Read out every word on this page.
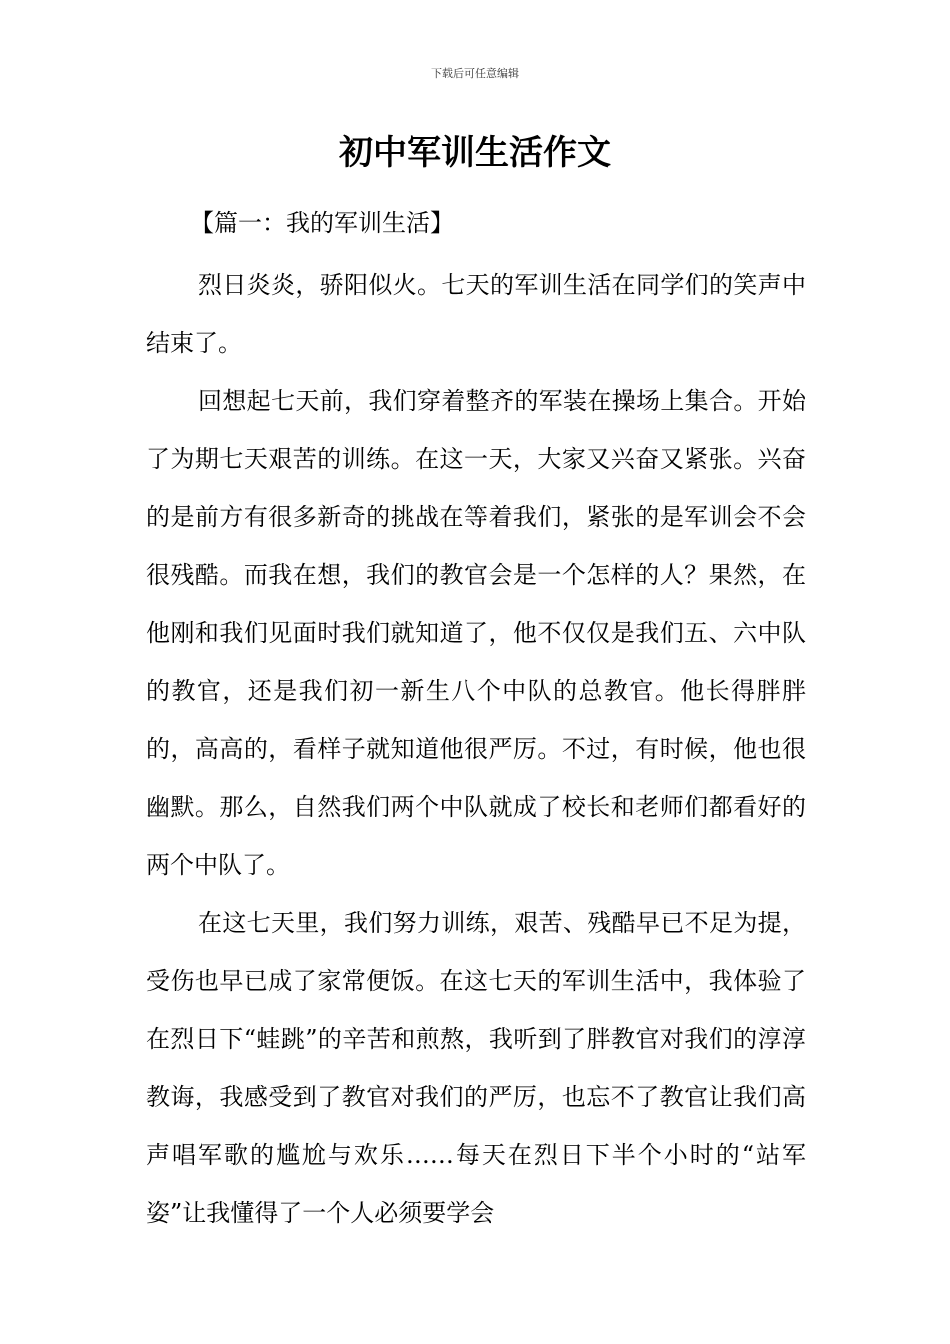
下载后可任意编辑
初中军训生活作文
【篇一：我的军训生活】

烈日炎炎，骄阳似火。七天的军训生活在同学们的笑声中结束了。

回想起七天前，我们穿着整齐的军装在操场上集合。开始了为期七天艰苦的训练。在这一天，大家又兴奋又紧张。兴奋的是前方有很多新奇的挑战在等着我们，紧张的是军训会不会很残酷。而我在想，我们的教官会是一个怎样的人？果然，在他刚和我们见面时我们就知道了，他不仅仅是我们五、六中队的教官，还是我们初一新生八个中队的总教官。他长得胖胖的，高高的，看样子就知道他很严厉。不过，有时候，他也很幽默。那么，自然我们两个中队就成了校长和老师们都看好的两个中队了。

在这七天里，我们努力训练，艰苦、残酷早已不足为提，受伤也早已成了家常便饭。在这七天的军训生活中，我体验了在烈日下“蛙跳”的辛苦和煎熬，我听到了胖教官对我们的淳淳教诲，我感受到了教官对我们的严厉，也忘不了教官让我们高声唱军歌的尴尬与欢乐……每天在烈日下半个小时的“站军姿”让我懂得了一个人必须要学会
